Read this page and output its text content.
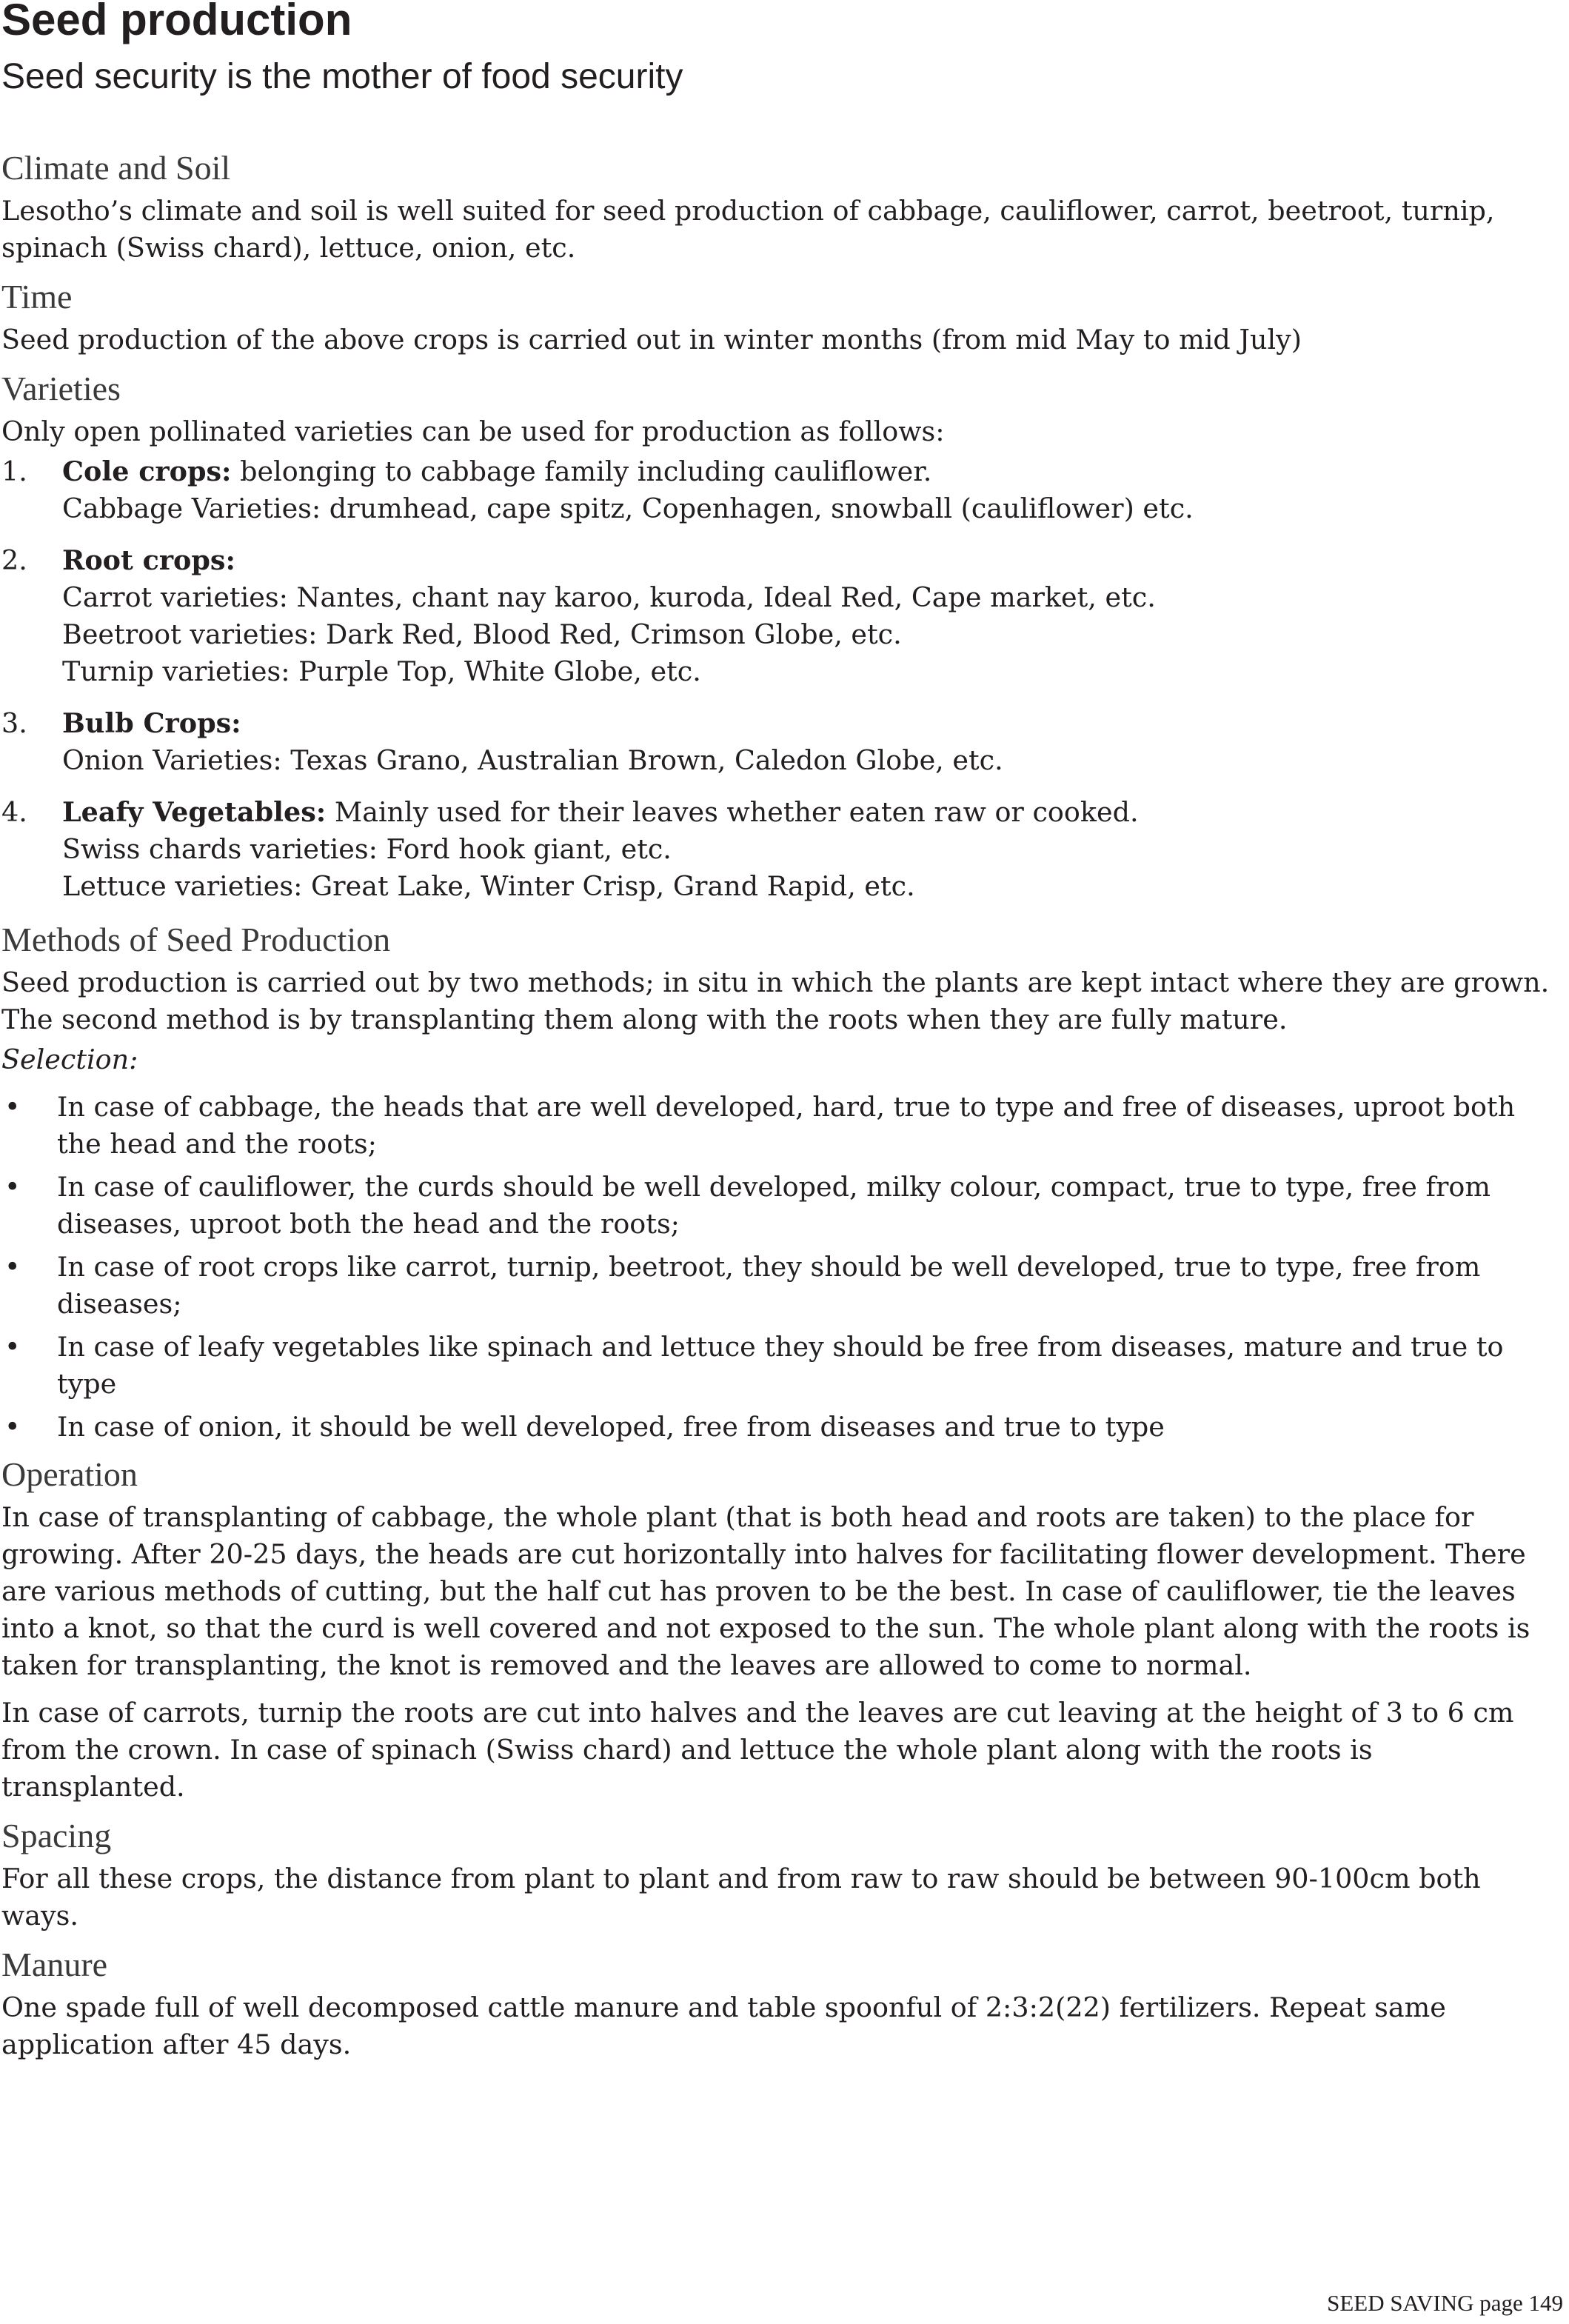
Seed production
Seed security is the mother of food security
Climate and Soil

Lesotho’s climate and soil is well suited for seed production of cabbage, cauliflower, carrot, beetroot, turnip, spinach (Swiss chard), lettuce, onion, etc.

Time

Seed production of the above crops is carried out in winter months (from mid May to mid July)

Varieties

Only open pollinated varieties can be used for production as follows:

1. Cole crops: belonging to cabbage family including cauliflower.
Cabbage Varieties: drumhead, cape spitz, Copenhagen, snowball (cauliflower) etc.
2. Root crops:
Carrot varieties: Nantes, chant nay karoo, kuroda, Ideal Red, Cape market, etc.
Beetroot varieties: Dark Red, Blood Red, Crimson Globe, etc.
Turnip varieties: Purple Top, White Globe, etc.
3. Bulb Crops:
Onion Varieties: Texas Grano, Australian Brown, Caledon Globe, etc.
4. Leafy Vegetables: Mainly used for their leaves whether eaten raw or cooked.
Swiss chards varieties: Ford hook giant, etc.
Lettuce varieties: Great Lake, Winter Crisp, Grand Rapid, etc.
Methods of Seed Production

Seed production is carried out by two methods; in situ in which the plants are kept intact where they are grown. The second method is by transplanting them along with the roots when they are fully mature.

Selection:

• In case of cabbage, the heads that are well developed, hard, true to type and free of diseases, uproot both the head and the roots;
• In case of cauliflower, the curds should be well developed, milky colour, compact, true to type, free from diseases, uproot both the head and the roots;
• In case of root crops like carrot, turnip, beetroot, they should be well developed, true to type, free from diseases;
• In case of leafy vegetables like spinach and lettuce they should be free from diseases, mature and true to type
• In case of onion, it should be well developed, free from diseases and true to type
Operation

In case of transplanting of cabbage, the whole plant (that is both head and roots are taken) to the place for growing. After 20-25 days, the heads are cut horizontally into halves for facilitating flower development. There are various methods of cutting, but the half cut has proven to be the best. In case of cauliflower, tie the leaves into a knot, so that the curd is well covered and not exposed to the sun. The whole plant along with the roots is taken for transplanting, the knot is removed and the leaves are allowed to come to normal.

In case of carrots, turnip the roots are cut into halves and the leaves are cut leaving at the height of 3 to 6 cm from the crown. In case of spinach (Swiss chard) and lettuce the whole plant along with the roots is transplanted.

Spacing

For all these crops, the distance from plant to plant and from raw to raw should be between 90-100cm both ways.

Manure

One spade full of well decomposed cattle manure and table spoonful of 2:3:2(22) fertilizers. Repeat same application after 45 days.

SEED SAVING page 149
